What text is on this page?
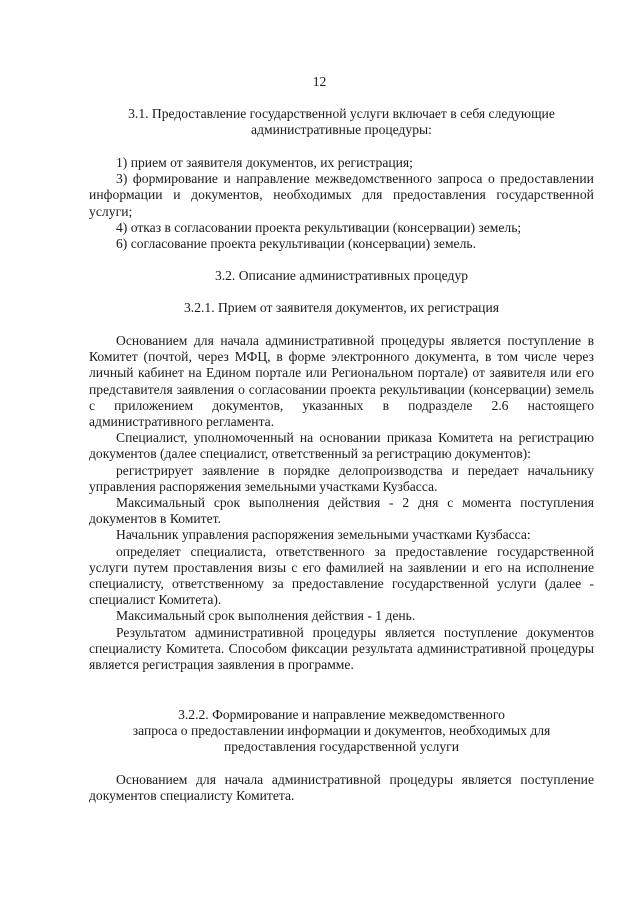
12

3.1. Предоставление государственной услуги включает в себя следующие

административные процедуры:

1) прием от заявителя документов, их регистрация;

3) формирование и направление межведомственного запроса о предоставлении информации и документов, необходимых для предоставления государственной услуги;

4) отказ в согласовании проекта рекультивации (консервации) земель;

6) согласование проекта рекультивации (консервации) земель.

3.2. Описание административных процедур
3.2.1. Прием от заявителя документов, их регистрация

Основанием для начала административной процедуры является поступление в Комитет (почтой, через МФЦ, в форме электронного документа, в том числе через личный кабинет на Едином портале или Региональном портале) от заявителя или его представителя заявления о согласовании проекта рекультивации (консервации) земель с приложением документов, указанных в подразделе 2.6 настоящего административного регламента.

Специалист, уполномоченный на основании приказа Комитета на регистрацию документов (далее специалист, ответственный за регистрацию документов):

регистрирует заявление в порядке делопроизводства и передает начальнику управления распоряжения земельными участками Кузбасса.

Максимальный срок выполнения действия - 2 дня с момента поступления документов в Комитет.

Начальник управления распоряжения земельными участками Кузбасса:

определяет специалиста, ответственного за предоставление государственной услуги путем проставления визы с его фамилией на заявлении и его на исполнение специалисту, ответственному за предоставление государственной услуги (далее - специалист Комитета).

Максимальный срок выполнения действия - 1 день.

Результатом административной процедуры является поступление документов специалисту Комитета. Способом фиксации результата административной процедуры является регистрация заявления в программе.

3.2.2. Формирование и направление межведомственного

запроса о предоставлении информации и документов, необходимых для

предоставления государственной услуги

Основанием для начала административной процедуры является поступление документов специалисту Комитета.
